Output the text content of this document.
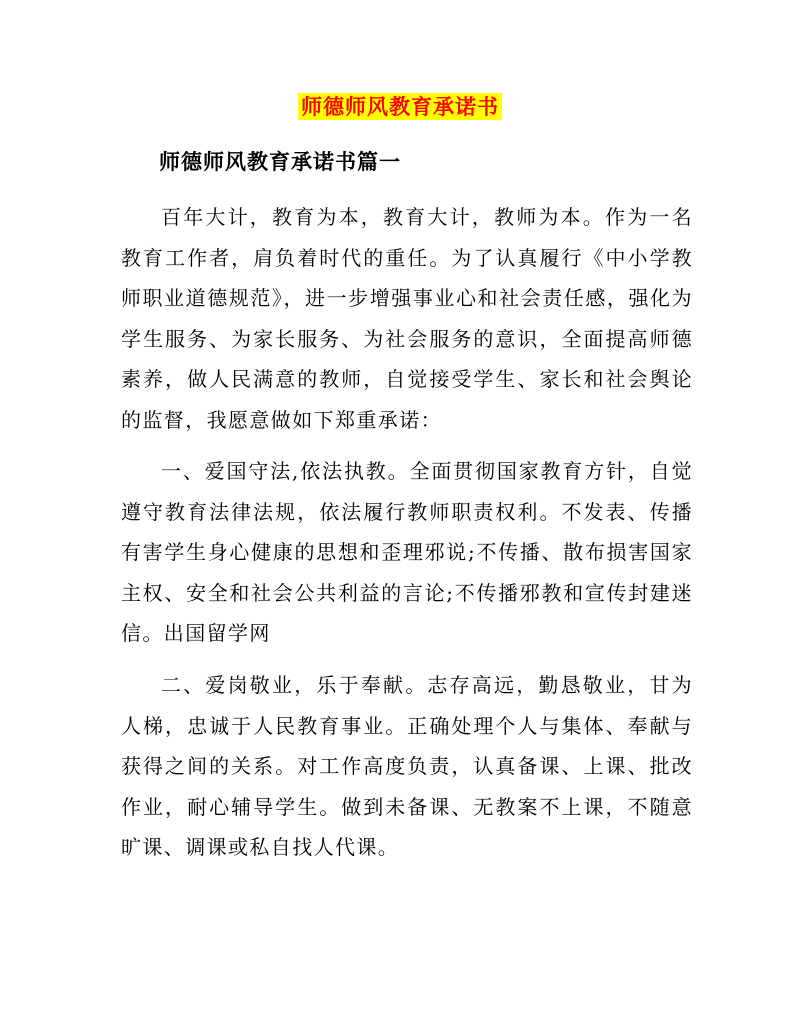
师德师风教育承诺书
师德师风教育承诺书篇一

百年大计，教育为本，教育大计，教师为本。作为一名教育工作者，肩负着时代的重任。为了认真履行《中小学教师职业道德规范》，进一步增强事业心和社会责任感，强化为学生服务、为家长服务、为社会服务的意识，全面提高师德素养，做人民满意的教师，自觉接受学生、家长和社会舆论的监督，我愿意做如下郑重承诺：

一、爱国守法,依法执教。全面贯彻国家教育方针，自觉遵守教育法律法规，依法履行教师职责权利。不发表、传播有害学生身心健康的思想和歪理邪说;不传播、散布损害国家主权、安全和社会公共利益的言论;不传播邪教和宣传封建迷信。出国留学网

二、爱岗敬业，乐于奉献。志存高远，勤恳敬业，甘为人梯，忠诚于人民教育事业。正确处理个人与集体、奉献与获得之间的关系。对工作高度负责，认真备课、上课、批改作业，耐心辅导学生。做到未备课、无教案不上课，不随意旷课、调课或私自找人代课。
